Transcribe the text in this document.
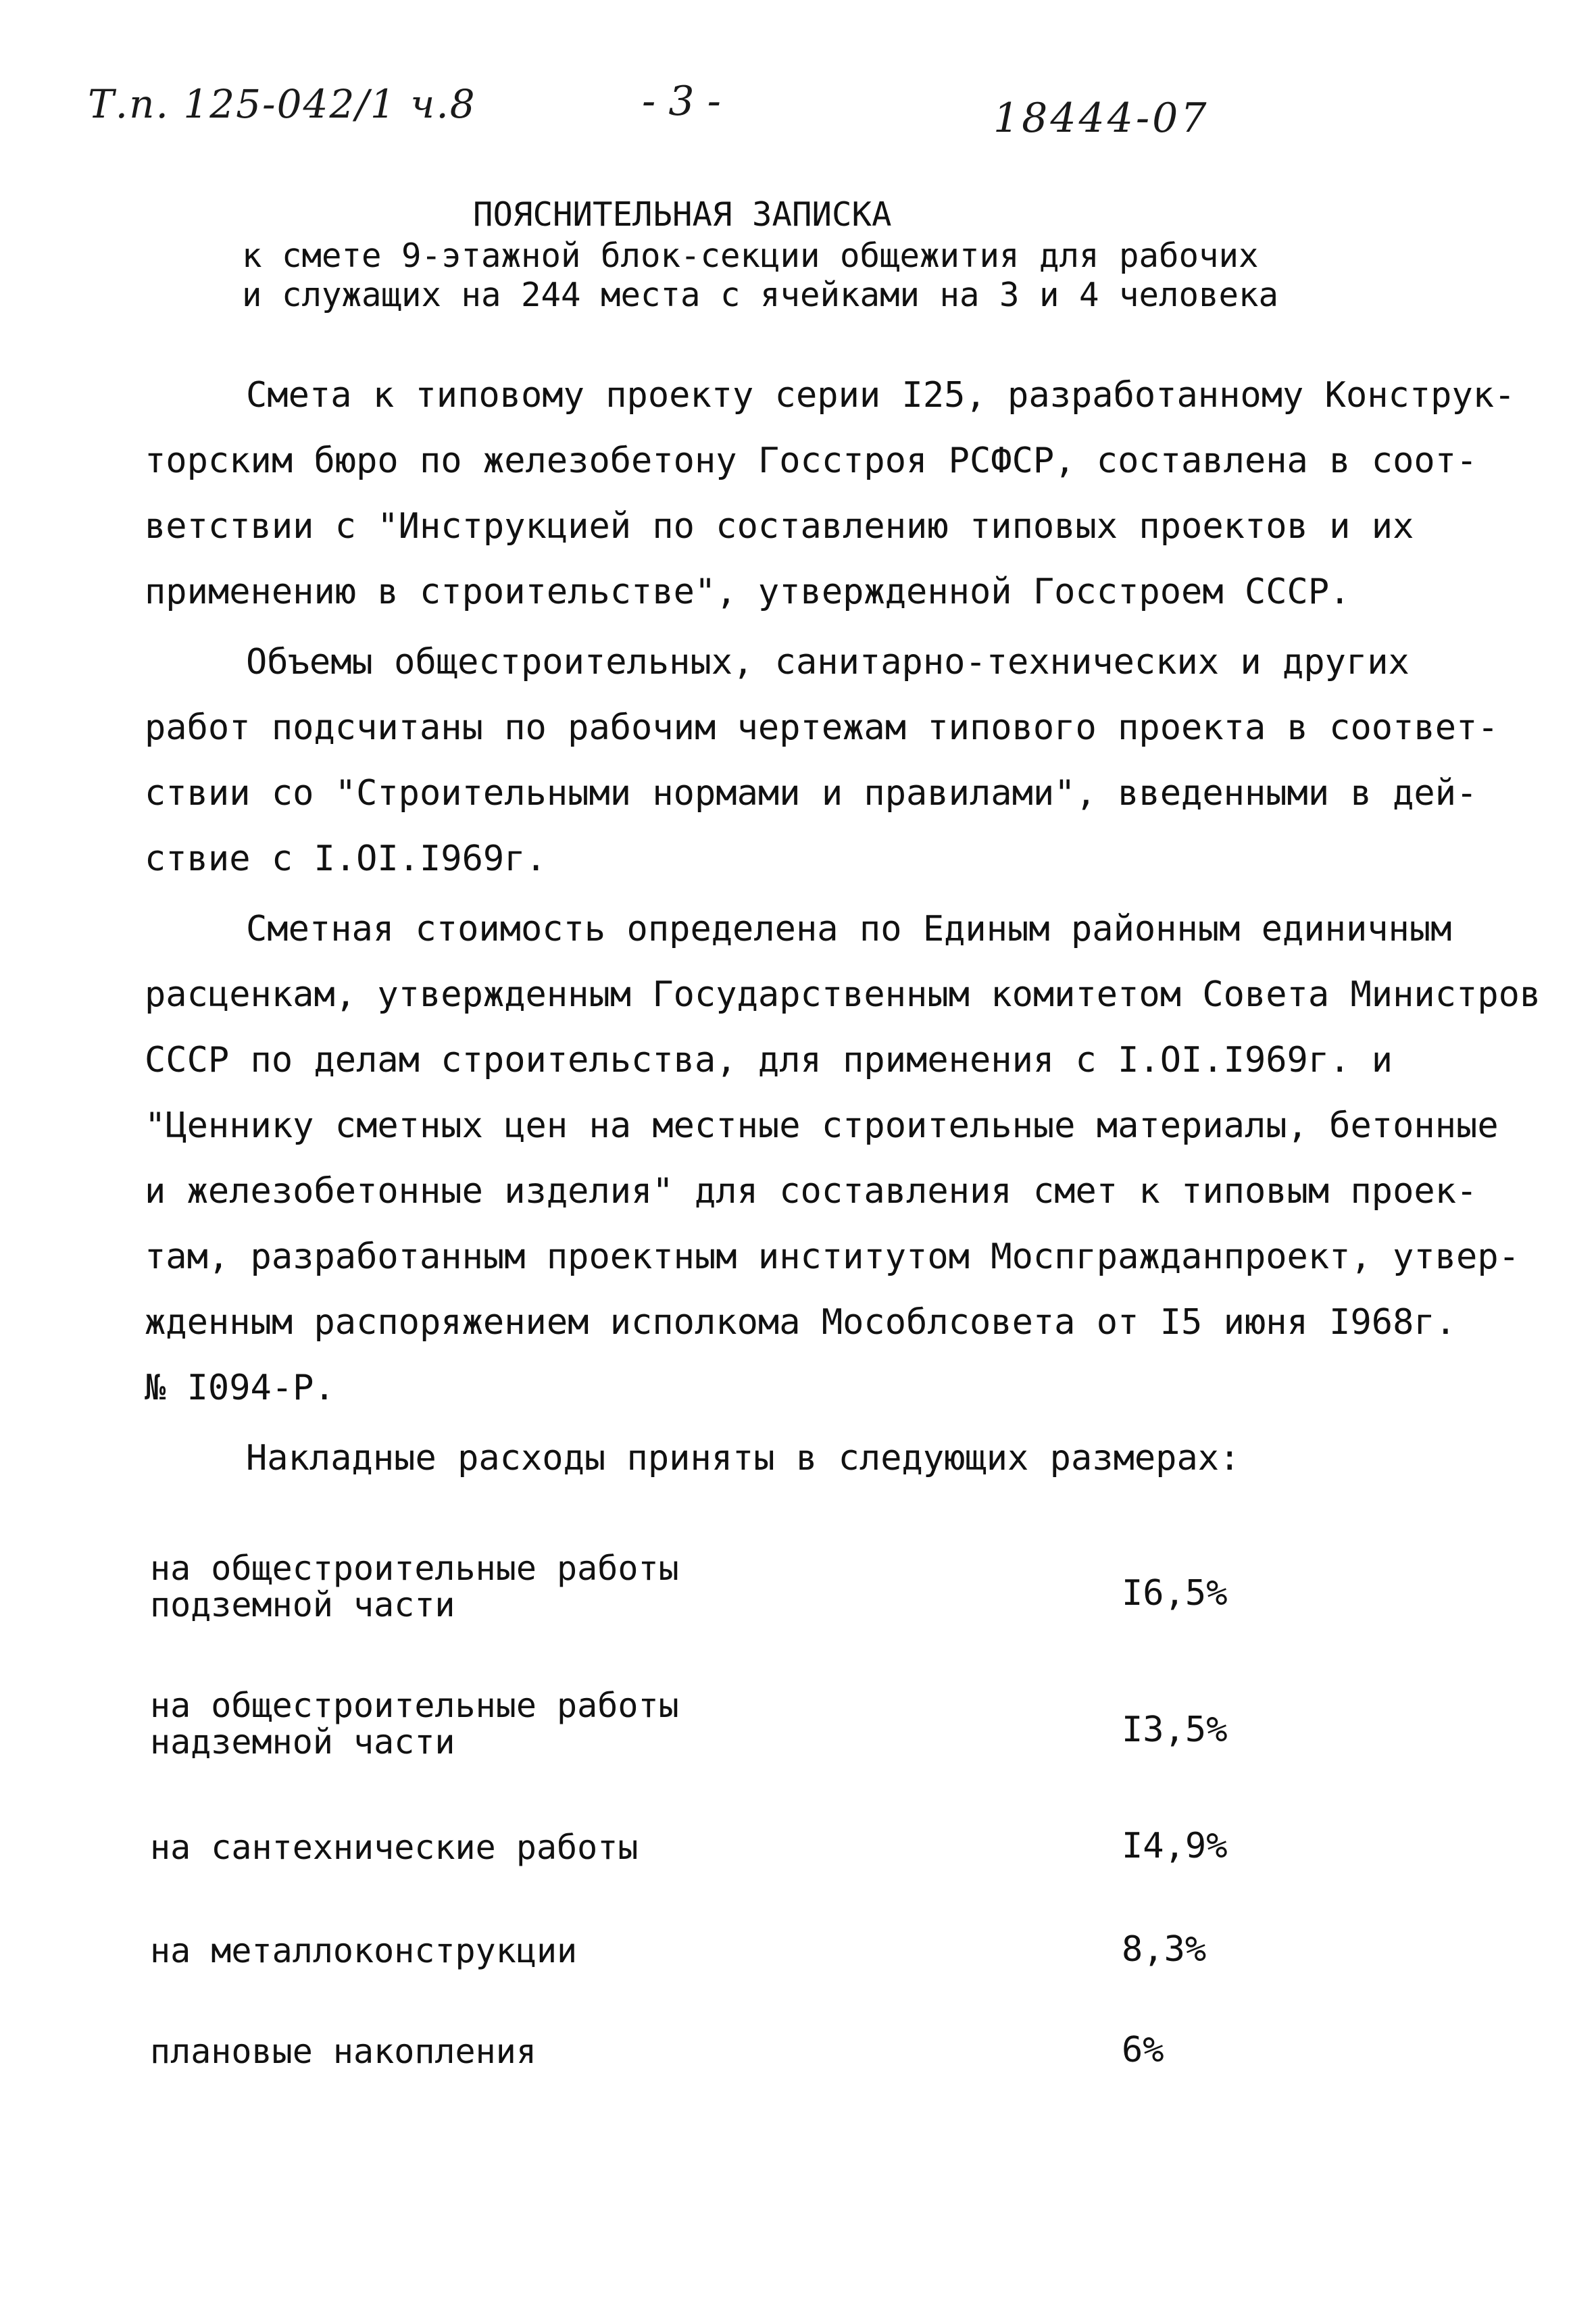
Т.п. 125-042/1 ч.8	- 3 -	18444-07
ПОЯСНИТЕЛЬНАЯ ЗАПИСКА
к смете 9-этажной блок-секции общежития для рабочих
и служащих на 244 места с ячейками на 3 и 4 человека
Смета к типовому проекту серии I25, разработанному Конструк-
торским бюро по железобетону Госстроя РСФСР, составлена в соот-
ветствии с "Инструкцией по составлению типовых проектов и их
применению в строительстве", утвержденной Госстроем СССР.
Объемы общестроительных, санитарно-технических и других
работ подсчитаны по рабочим чертежам типового проекта в соответ-
ствии со "Строительными нормами и правилами", введенными в дей-
ствие с I.OI.I969г.
Сметная стоимость определена по Единым районным единичным
расценкам, утвержденным Государственным комитетом Совета Министров
СССР по делам строительства, для применения с I.OI.I969г. и
"Ценнику сметных цен на местные строительные материалы, бетонные
и железобетонные изделия" для составления смет к типовым проек-
там, разработанным проектным институтом Моспгражданпроект, утвер-
жденным распоряжением исполкома Мособлсовета от I5 июня I968г.
№ I094-Р.
Накладные расходы приняты в следующих размерах:
на общестроительные работы
подземной части	I6,5%
на общестроительные работы
надземной части	I3,5%
на сантехнические работы	I4,9%
на металлоконструкции	8,3%
плановые накопления	6%
